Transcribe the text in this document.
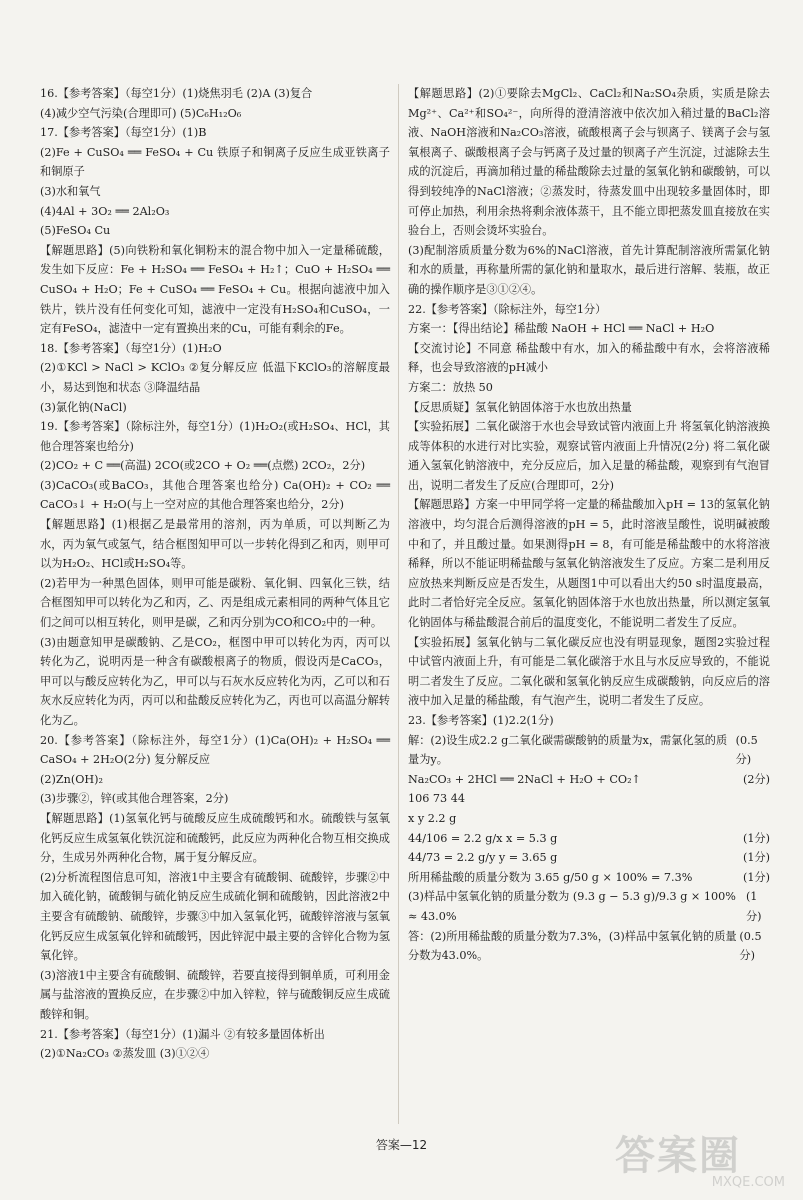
16.【参考答案】（每空1分）(1)烧焦羽毛 (2)A (3)复合

(4)减少空气污染(合理即可) (5)C₆H₁₂O₆

17.【参考答案】（每空1分）(1)B

(2)Fe + CuSO₄ ══ FeSO₄ + Cu 铁原子和铜离子反应生成亚铁离子和铜原子

(3)水和氧气

(4)4Al + 3O₂ ══ 2Al₂O₃

(5)FeSO₄ Cu

【解题思路】(5)向铁粉和氧化铜粉末的混合物中加入一定量稀硫酸，发生如下反应：Fe + H₂SO₄ ══ FeSO₄ + H₂↑；CuO + H₂SO₄ ══ CuSO₄ + H₂O；Fe + CuSO₄ ══ FeSO₄ + Cu。根据向滤液中加入铁片，铁片没有任何变化可知，滤液中一定没有H₂SO₄和CuSO₄，一定有FeSO₄，滤渣中一定有置换出来的Cu，可能有剩余的Fe。

18.【参考答案】（每空1分）(1)H₂O

(2)①KCl > NaCl > KClO₃ ②复分解反应 低温下KClO₃的溶解度最小，易达到饱和状态 ③降温结晶

(3)氯化钠(NaCl)

19.【参考答案】（除标注外，每空1分）(1)H₂O₂(或H₂SO₄、HCl，其他合理答案也给分)

(2)CO₂ + C ══(高温) 2CO(或2CO + O₂ ══(点燃) 2CO₂，2分)

(3)CaCO₃(或BaCO₃，其他合理答案也给分) Ca(OH)₂ + CO₂ ══ CaCO₃↓ + H₂O(与上一空对应的其他合理答案也给分，2分)

【解题思路】(1)根据乙是最常用的溶剂，丙为单质，可以判断乙为水，丙为氧气或氢气，结合框图知甲可以一步转化得到乙和丙，则甲可以为H₂O₂、HCl或H₂SO₄等。

(2)若甲为一种黑色固体，则甲可能是碳粉、氧化铜、四氧化三铁，结合框图知甲可以转化为乙和丙，乙、丙是组成元素相同的两种气体且它们之间可以相互转化，则甲是碳，乙和丙分别为CO和CO₂中的一种。

(3)由题意知甲是碳酸钠、乙是CO₂，框图中甲可以转化为丙，丙可以转化为乙，说明丙是一种含有碳酸根离子的物质，假设丙是CaCO₃，甲可以与酸反应转化为乙，甲可以与石灰水反应转化为丙，乙可以和石灰水反应转化为丙，丙可以和盐酸反应转化为乙，丙也可以高温分解转化为乙。

20.【参考答案】（除标注外，每空1分）(1)Ca(OH)₂ + H₂SO₄ ══ CaSO₄ + 2H₂O(2分) 复分解反应

(2)Zn(OH)₂

(3)步骤②，锌(或其他合理答案，2分)

【解题思路】(1)氢氧化钙与硫酸反应生成硫酸钙和水。硫酸铁与氢氧化钙反应生成氢氧化铁沉淀和硫酸钙，此反应为两种化合物互相交换成分，生成另外两种化合物，属于复分解反应。

(2)分析流程图信息可知，溶液1中主要含有硫酸铜、硫酸锌，步骤②中加入硫化钠，硫酸铜与硫化钠反应生成硫化铜和硫酸钠，因此溶液2中主要含有硫酸钠、硫酸锌，步骤③中加入氢氧化钙，硫酸锌溶液与氢氧化钙反应生成氢氧化锌和硫酸钙，因此锌泥中最主要的含锌化合物为氢氧化锌。

(3)溶液1中主要含有硫酸铜、硫酸锌，若要直接得到铜单质，可利用金属与盐溶液的置换反应，在步骤②中加入锌粒，锌与硫酸铜反应生成硫酸锌和铜。

21.【参考答案】（每空1分）(1)漏斗 ②有较多量固体析出

(2)①Na₂CO₃ ②蒸发皿 (3)①②④

【解题思路】(2)①要除去MgCl₂、CaCl₂和Na₂SO₄杂质，实质是除去Mg²⁺、Ca²⁺和SO₄²⁻，向所得的澄清溶液中依次加入稍过量的BaCl₂溶液、NaOH溶液和Na₂CO₃溶液，硫酸根离子会与钡离子、镁离子会与氢氧根离子、碳酸根离子会与钙离子及过量的钡离子产生沉淀，过滤除去生成的沉淀后，再滴加稍过量的稀盐酸除去过量的氢氧化钠和碳酸钠，可以得到较纯净的NaCl溶液；②蒸发时，待蒸发皿中出现较多量固体时，即可停止加热，利用余热将剩余液体蒸干，且不能立即把蒸发皿直接放在实验台上，否则会烫坏实验台。

(3)配制溶质质量分数为6%的NaCl溶液，首先计算配制溶液所需氯化钠和水的质量，再称量所需的氯化钠和量取水，最后进行溶解、装瓶，故正确的操作顺序是③①②④。

22.【参考答案】（除标注外，每空1分）

方案一：【得出结论】稀盐酸 NaOH + HCl ══ NaCl + H₂O

【交流讨论】不同意 稀盐酸中有水，加入的稀盐酸中有水，会将溶液稀释，也会导致溶液的pH减小

方案二：放热 50

【反思质疑】氢氧化钠固体溶于水也放出热量

【实验拓展】二氧化碳溶于水也会导致试管内液面上升 将氢氧化钠溶液换成等体积的水进行对比实验，观察试管内液面上升情况(2分) 将二氧化碳通入氢氧化钠溶液中，充分反应后，加入足量的稀盐酸，观察到有气泡冒出，说明二者发生了反应(合理即可，2分)

【解题思路】方案一中甲同学将一定量的稀盐酸加入pH = 13的氢氧化钠溶液中，均匀混合后测得溶液的pH = 5，此时溶液呈酸性，说明碱被酸中和了，并且酸过量。如果测得pH = 8，有可能是稀盐酸中的水将溶液稀释，所以不能证明稀盐酸与氢氧化钠溶液发生了反应。方案二是利用反应放热来判断反应是否发生，从题图1中可以看出大约50 s时温度最高，此时二者恰好完全反应。氢氧化钠固体溶于水也放出热量，所以测定氢氧化钠固体与稀盐酸混合前后的温度变化，不能说明二者发生了反应。

【实验拓展】氢氧化钠与二氧化碳反应也没有明显现象，题图2实验过程中试管内液面上升，有可能是二氧化碳溶于水且与水反应导致的，不能说明二者发生了反应。二氧化碳和氢氧化钠反应生成碳酸钠，向反应后的溶液中加入足量的稀盐酸，有气泡产生，说明二者发生了反应。

23.【参考答案】(1)2.2(1分)

解：(2)设生成2.2 g二氧化碳需碳酸钠的质量为x，需氯化氢的质量为y。
(0.5分)
Na₂CO₃ + 2HCl ══ 2NaCl + H₂O + CO₂↑	(2分)

106 73 44

x y 2.2 g

44/106 = 2.2 g/x x = 5.3 g	(1分)
44/73 = 2.2 g/y y = 3.65 g	(1分)
所用稀盐酸的质量分数为 3.65 g/50 g × 100% = 7.3%	(1分)
(3)样品中氢氧化钠的质量分数为 (9.3 g − 5.3 g)/9.3 g × 100% ≈ 43.0%
(1分)
答：(2)所用稀盐酸的质量分数为7.3%，(3)样品中氢氧化钠的质量分数为43.0%。
(0.5分)
答案—12	答案圈
MXQE.COM
